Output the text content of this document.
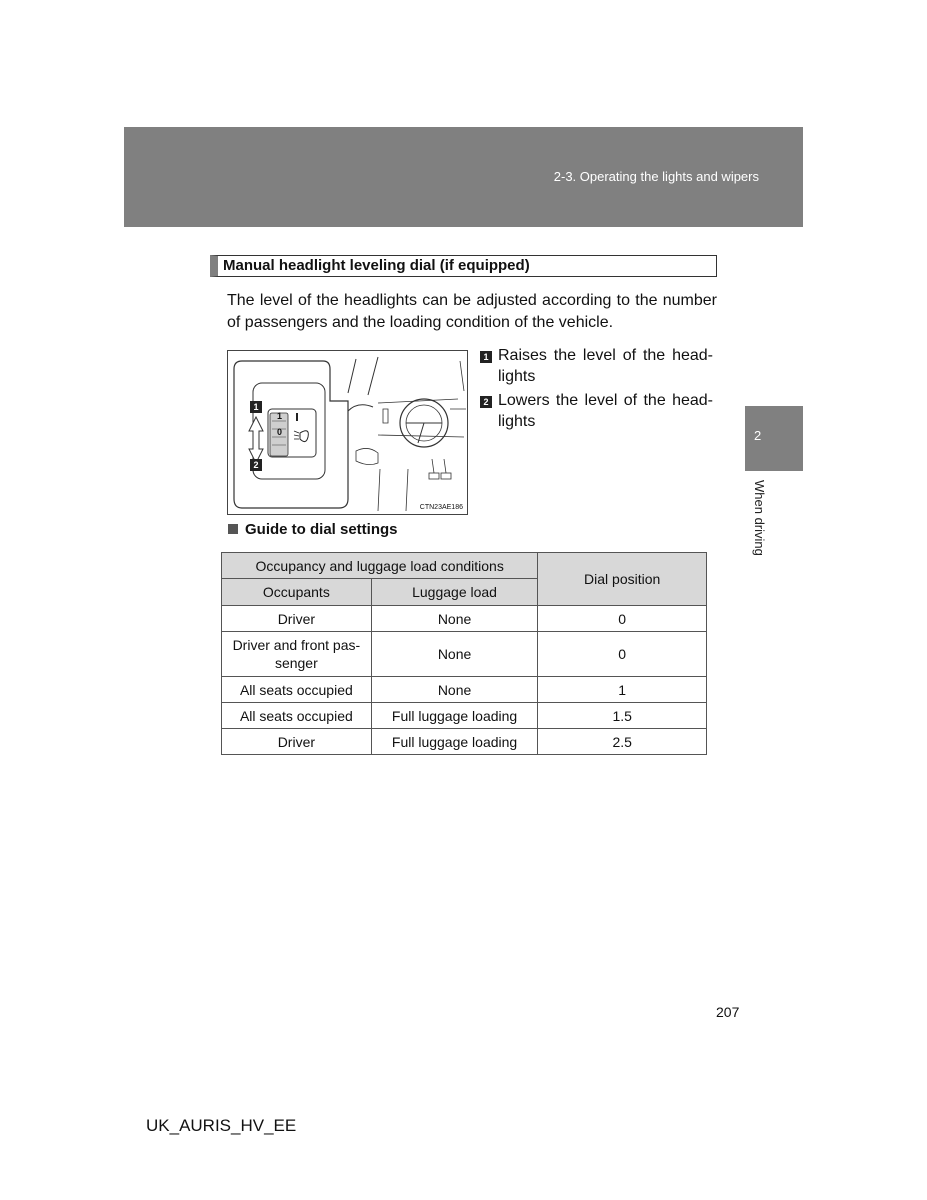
2-3. Operating the lights and wipers
2
When driving
Manual headlight leveling dial (if equipped)

The level of the headlights can be adjusted according to the number of passengers and the loading condition of the vehicle.

1
2
1
0
CTN23AE186
1 Raises the level of the head-lights
2 Lowers the level of the head-lights
Guide to dial settings
Occupancy and luggage load conditions		Dial position
Occupants	Luggage load	
Driver	None	0
Driver and front pas-senger	None	0
All seats occupied	None	1
All seats occupied	Full luggage loading	1.5
Driver	Full luggage loading	2.5
207
UK_AURIS_HV_EE
